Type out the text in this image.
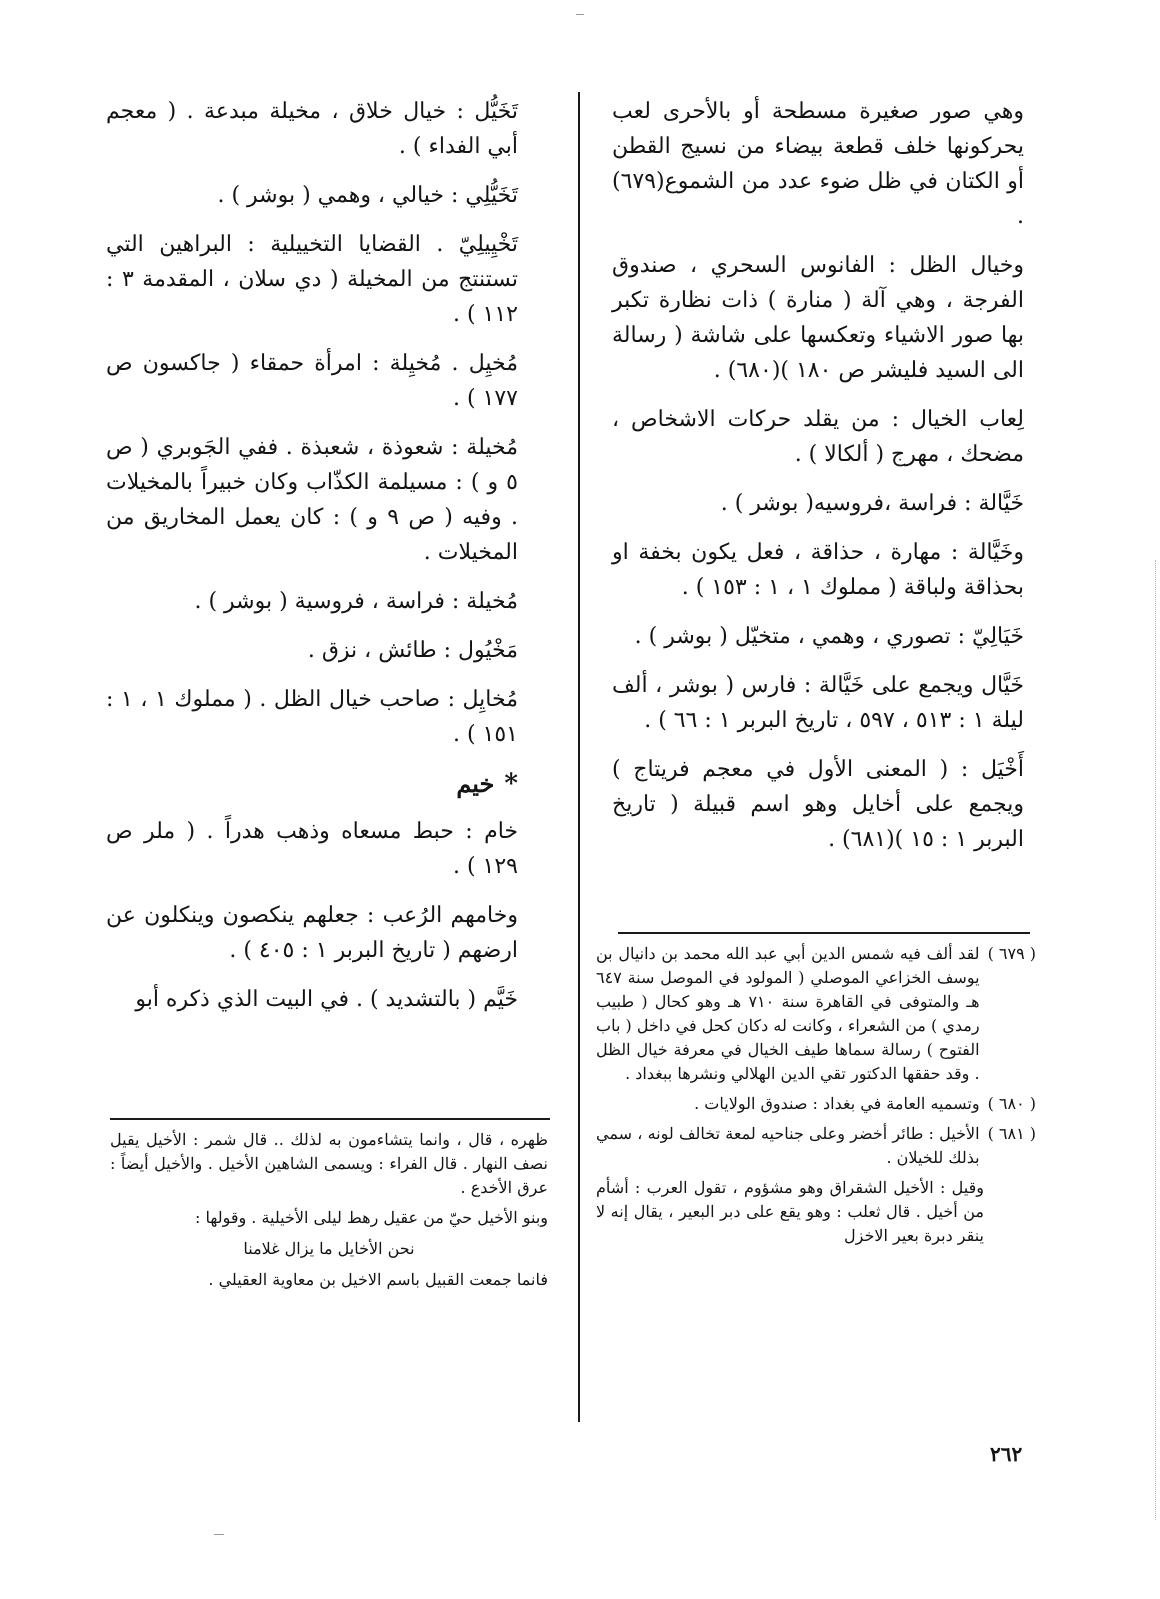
وهي صور صغيرة مسطحة أو بالأحرى لعب يحركونها خلف قطعة بيضاء من نسيج القطن أو الكتان في ظل ضوء عدد من الشموع(٦٧٩) .

وخيال الظل : الفانوس السحري ، صندوق الفرجة ، وهي آلة ( منارة ) ذات نظارة تكبر بها صور الاشياء وتعكسها على شاشة ( رسالة الى السيد فليشر ص ١٨٠ )(٦٨٠) .

لِعاب الخيال : من يقلد حركات الاشخاص ، مضحك ، مهرج ( ألكالا ) .

خَيَّالة : فراسة ،فروسيه( بوشر ) .

وخَيَّالة : مهارة ، حذاقة ، فعل يكون بخفة او بحذاقة ولباقة ( مملوك ١ ، ١ : ١٥٣ ) .

خَيَالِيّ : تصوري ، وهمي ، متخيّل ( بوشر ) .

خَيَّال ويجمع على خَيَّالة : فارس ( بوشر ، ألف ليلة ١ : ٥١٣ ، ٥٩٧ ، تاريخ البربر ١ : ٦٦ ) .

أَخْيَل : ( المعنى الأول في معجم فريتاج ) ويجمع على أخايل وهو اسم قبيلة ( تاريخ البربر ١ : ١٥ )(٦٨١) .

تَخَيُّل : خيال خلاق ، مخيلة مبدعة . ( معجم أبي الفداء ) .

تَخَيُّلِي : خيالي ، وهمي ( بوشر ) .

تَخْيِيلِيّ . القضايا التخييلية : البراهين التي تستنتج من المخيلة ( دي سلان ، المقدمة ٣ : ١١٢ ) .

مُخيِل . مُخيِلة : امرأة حمقاء ( جاكسون ص ١٧٧ ) .

مُخيلة : شعوذة ، شعبذة . ففي الجَوبري ( ص ٥ و ) : مسيلمة الكذّاب وكان خبيراً بالمخيلات . وفيه ( ص ٩ و ) : كان يعمل المخاريق من المخيلات .

مُخيلة : فراسة ، فروسية ( بوشر ) .

مَخْيُول : طائش ، نزق .

مُخايِل : صاحب خيال الظل . ( مملوك ١ ، ١ : ١٥١ ) .

*
خيم

خام : حبط مسعاه وذهب هدراً . ( ملر ص ١٢٩ ) .

وخامهم الرُعب : جعلهم ينكصون وينكلون عن ارضهم ( تاريخ البربر ١ : ٤٠٥ ) .

خَيَّم ( بالتشديد ) . في البيت الذي ذكره أبو

( ٦٧٩ )
لقد ألف فيه شمس الدين أبي عبد الله محمد بن دانيال بن يوسف الخزاعي الموصلي ( المولود في الموصل سنة ٦٤٧ هـ والمتوفى في القاهرة سنة ٧١٠ هـ وهو كحال ( طبيب رمدي ) من الشعراء ، وكانت له دكان كحل في داخل ( باب الفتوح ) رسالة سماها طيف الخيال في معرفة خيال الظل . وقد حققها الدكتور تقي الدين الهلالي ونشرها ببغداد .
( ٦٨٠ )
وتسميه العامة في بغداد : صندوق الولايات .
( ٦٨١ )
الأخيل : طائر أخضر وعلى جناحيه لمعة تخالف لونه ، سمي بذلك للخيلان .

وقيل : الأخيل الشقراق وهو مشؤوم ، تقول العرب : أشأم من أخيل . قال ثعلب : وهو يقع على دبر البعير ، يقال إنه لا ينقر دبرة بعير الاخزل

ظهره ، قال ، وانما يتشاءمون به لذلك .. قال شمر : الأخيل يقيل نصف النهار . قال الفراء : ويسمى الشاهين الأخيل . والأخيل أيضاً : عرق الأخدع .

وبنو الأخيل حيّ من عقيل رهط ليلى الأخيلية . وقولها :

نحن الأخايل ما يزال غلامنا

فانما جمعت القبيل باسم الاخيل بن معاوية العقيلي .

٢٦٢
